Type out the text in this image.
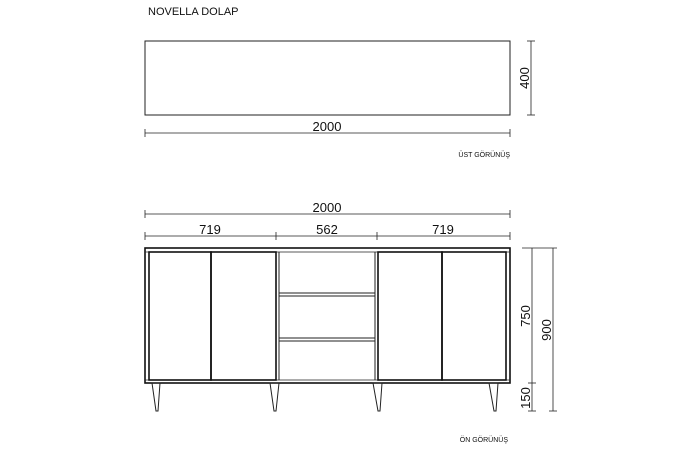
NOVELLA DOLAP
2000
400
ÜST GÖRÜNÜŞ
2000
719	562	719
900
750
150
ÖN GÖRÜNÜŞ
